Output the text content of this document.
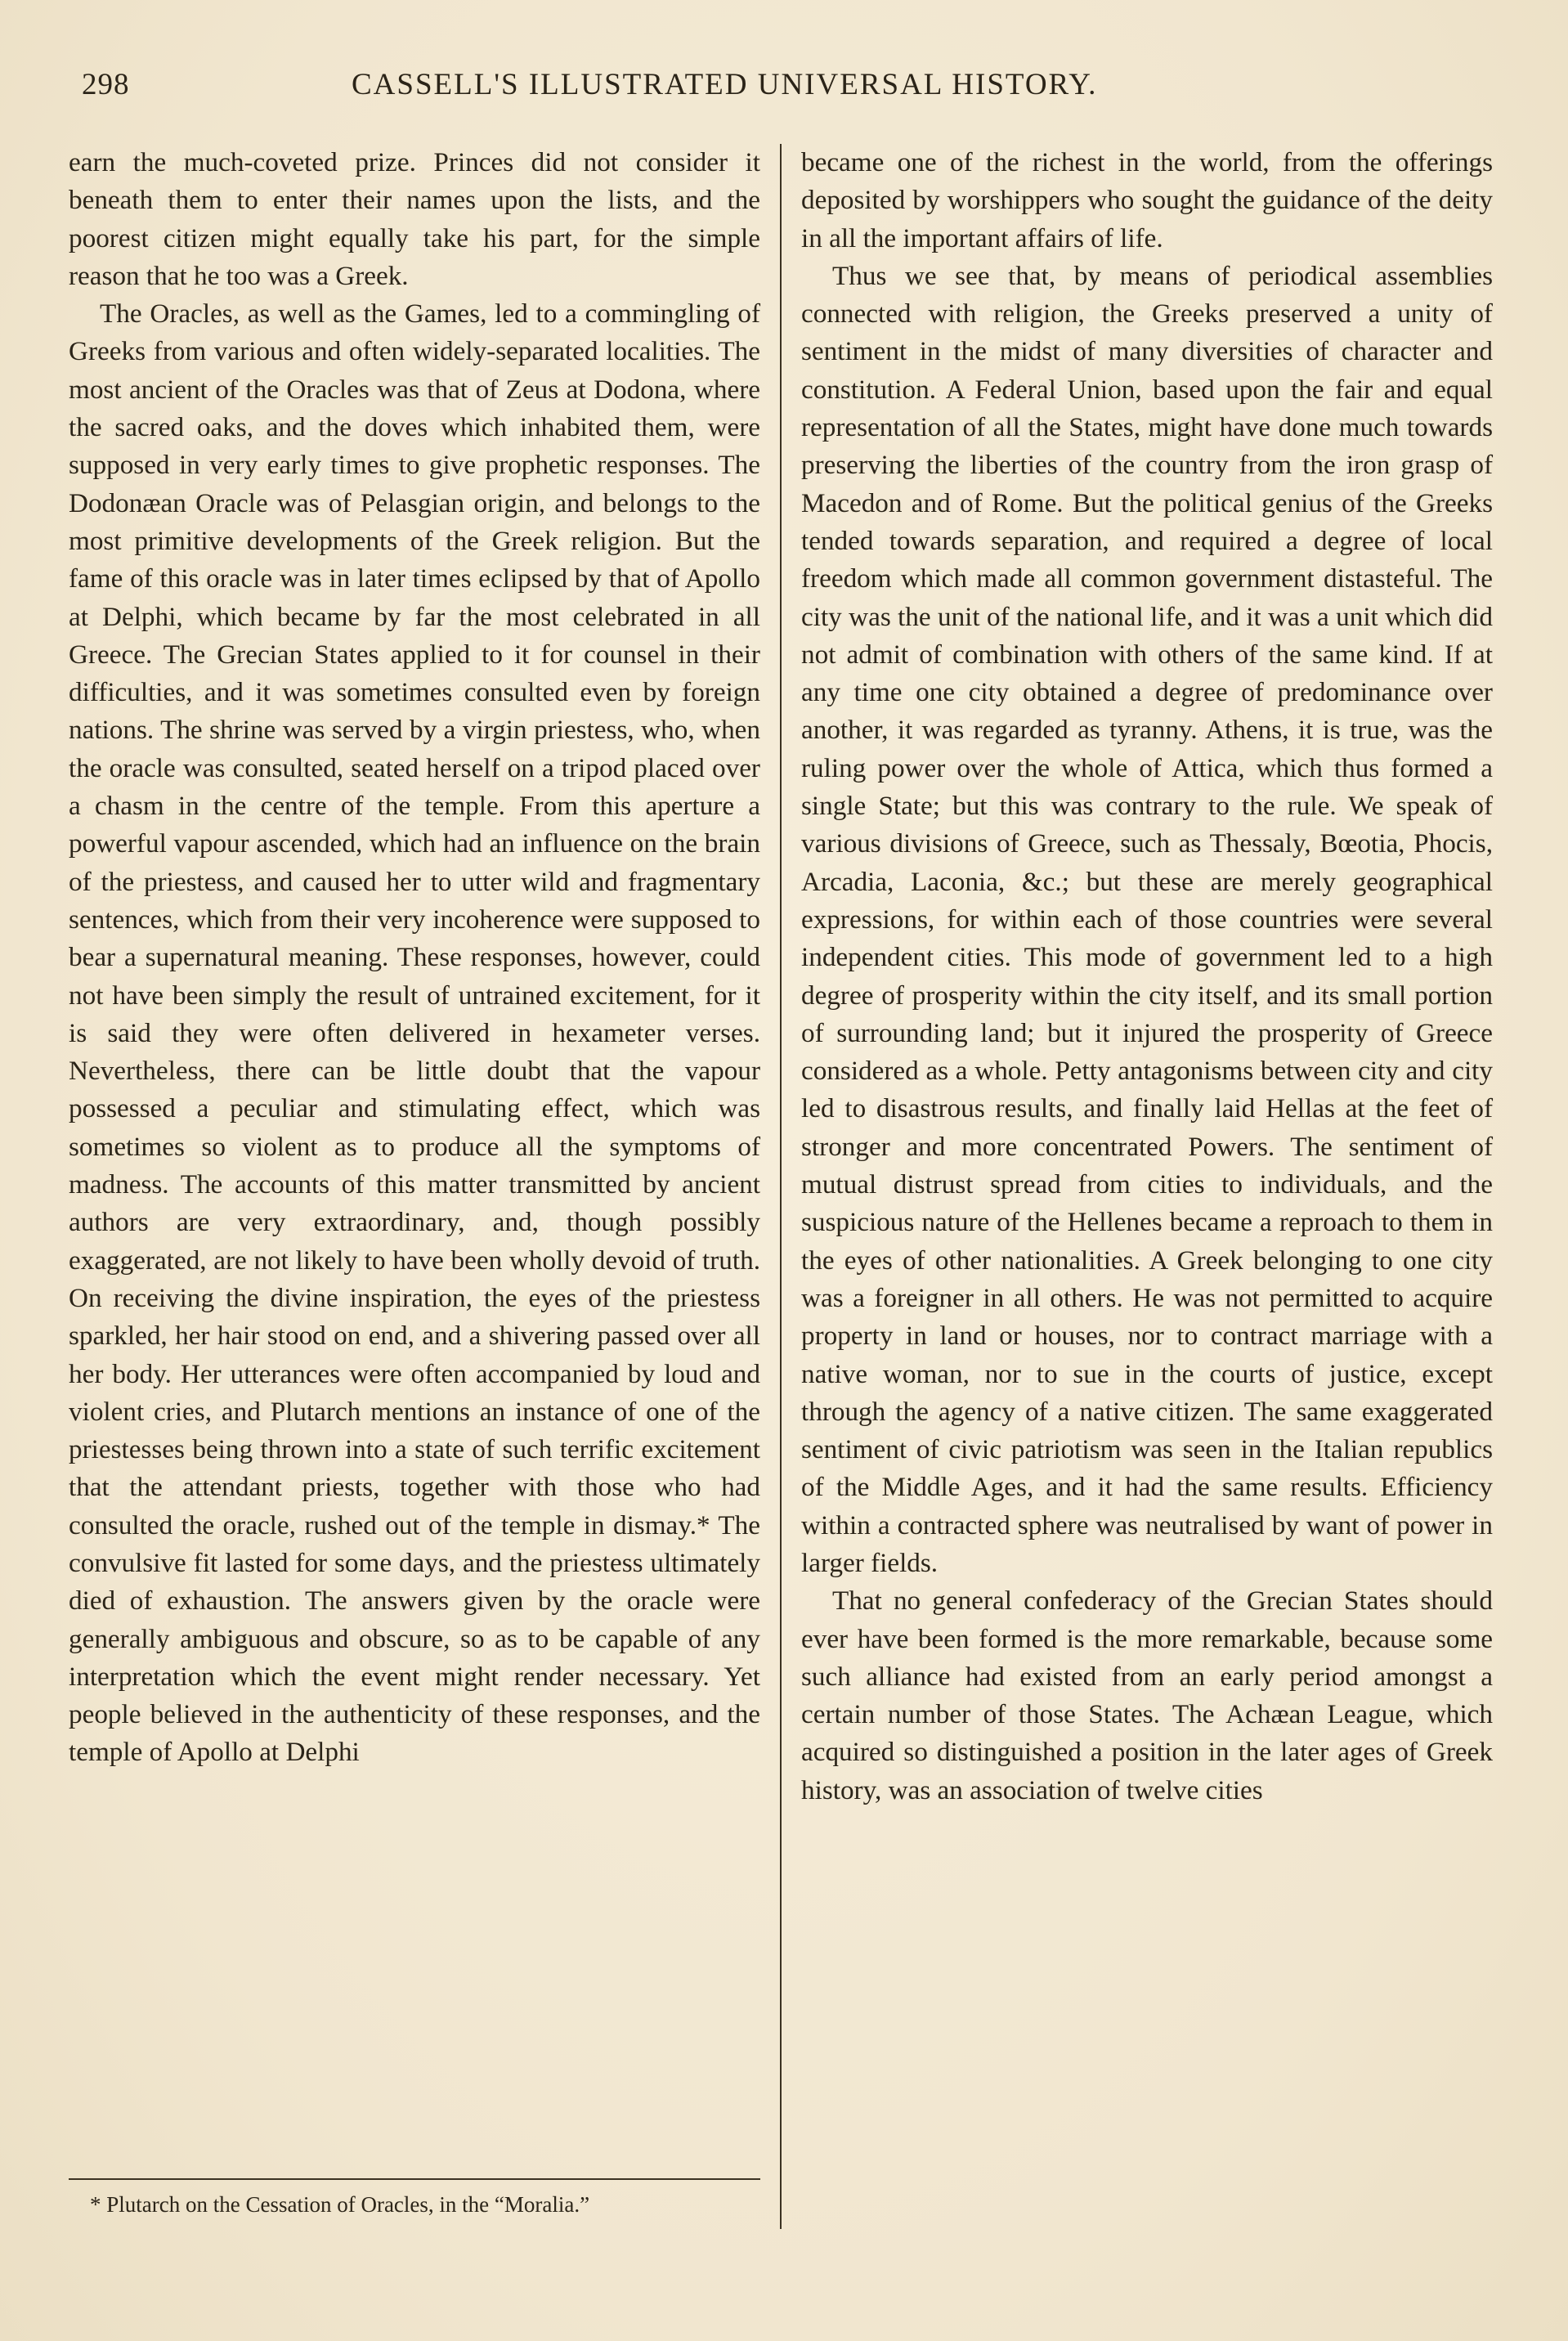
298	CASSELL'S ILLUSTRATED UNIVERSAL HISTORY.

earn the much-coveted prize. Princes did not consider it beneath them to enter their names upon the lists, and the poorest citizen might equally take his part, for the simple reason that he too was a Greek.

The Oracles, as well as the Games, led to a commingling of Greeks from various and often widely-separated localities. The most ancient of the Oracles was that of Zeus at Dodona, where the sacred oaks, and the doves which inhabited them, were supposed in very early times to give prophetic responses. The Dodonæan Oracle was of Pelasgian origin, and belongs to the most primitive developments of the Greek religion. But the fame of this oracle was in later times eclipsed by that of Apollo at Delphi, which became by far the most celebrated in all Greece. The Grecian States applied to it for counsel in their difficulties, and it was sometimes consulted even by foreign nations. The shrine was served by a virgin priestess, who, when the oracle was consulted, seated herself on a tripod placed over a chasm in the centre of the temple. From this aperture a powerful vapour ascended, which had an influence on the brain of the priestess, and caused her to utter wild and fragmentary sentences, which from their very incoherence were supposed to bear a supernatural meaning. These responses, however, could not have been simply the result of untrained excitement, for it is said they were often delivered in hexameter verses. Nevertheless, there can be little doubt that the vapour possessed a peculiar and stimulating effect, which was sometimes so violent as to produce all the symptoms of madness. The accounts of this matter transmitted by ancient authors are very extraordinary, and, though possibly exaggerated, are not likely to have been wholly devoid of truth. On receiving the divine inspiration, the eyes of the priestess sparkled, her hair stood on end, and a shivering passed over all her body. Her utterances were often accompanied by loud and violent cries, and Plutarch mentions an instance of one of the priestesses being thrown into a state of such terrific excitement that the attendant priests, together with those who had consulted the oracle, rushed out of the temple in dismay.* The convulsive fit lasted for some days, and the priestess ultimately died of exhaustion. The answers given by the oracle were generally ambiguous and obscure, so as to be capable of any interpretation which the event might render necessary. Yet people believed in the authenticity of these responses, and the temple of Apollo at Delphi

became one of the richest in the world, from the offerings deposited by worshippers who sought the guidance of the deity in all the important affairs of life.

Thus we see that, by means of periodical assemblies connected with religion, the Greeks preserved a unity of sentiment in the midst of many diversities of character and constitution. A Federal Union, based upon the fair and equal representation of all the States, might have done much towards preserving the liberties of the country from the iron grasp of Macedon and of Rome. But the political genius of the Greeks tended towards separation, and required a degree of local freedom which made all common government distasteful. The city was the unit of the national life, and it was a unit which did not admit of combination with others of the same kind. If at any time one city obtained a degree of predominance over another, it was regarded as tyranny. Athens, it is true, was the ruling power over the whole of Attica, which thus formed a single State; but this was contrary to the rule. We speak of various divisions of Greece, such as Thessaly, Bœotia, Phocis, Arcadia, Laconia, &c.; but these are merely geographical expressions, for within each of those countries were several independent cities. This mode of government led to a high degree of prosperity within the city itself, and its small portion of surrounding land; but it injured the prosperity of Greece considered as a whole. Petty antagonisms between city and city led to disastrous results, and finally laid Hellas at the feet of stronger and more concentrated Powers. The sentiment of mutual distrust spread from cities to individuals, and the suspicious nature of the Hellenes became a reproach to them in the eyes of other nationalities. A Greek belonging to one city was a foreigner in all others. He was not permitted to acquire property in land or houses, nor to contract marriage with a native woman, nor to sue in the courts of justice, except through the agency of a native citizen. The same exaggerated sentiment of civic patriotism was seen in the Italian republics of the Middle Ages, and it had the same results. Efficiency within a contracted sphere was neutralised by want of power in larger fields.

That no general confederacy of the Grecian States should ever have been formed is the more remarkable, because some such alliance had existed from an early period amongst a certain number of those States. The Achæan League, which acquired so distinguished a position in the later ages of Greek history, was an association of twelve cities

* Plutarch on the Cessation of Oracles, in the “Moralia.”
